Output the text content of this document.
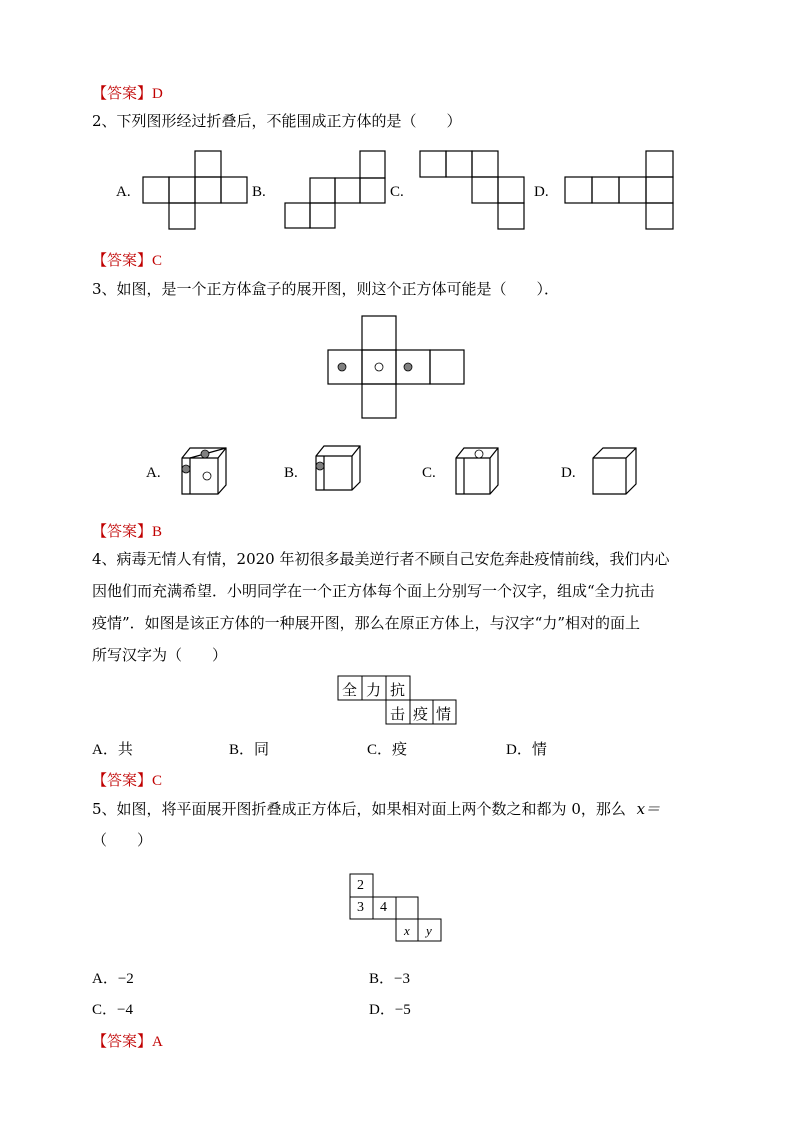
【答案】D
2、下列图形经过折叠后，不能围成正方体的是（　　）
A.	B.	C.	D.
【答案】C
3、如图，是一个正方体盒子的展开图，则这个正方体可能是（　　）．
A.	B.	C.	D.
【答案】B
4、病毒无情人有情，2020 年初很多最美逆行者不顾自己安危奔赴疫情前线，我们内心
因他们而充满希望．小明同学在一个正方体每个面上分别写一个汉字，组成“全力抗击
疫情”．如图是该正方体的一种展开图，那么在原正方体上，与汉字“力”相对的面上
所写汉字为（　　）
全 力 抗
击 疫 情
A．共	B．同	C．疫	D．情
【答案】C
5、如图，将平面展开图折叠成正方体后，如果相对面上两个数之和都为 0，那么 x＝
（　　）
2
3 4
x y
A．−2	B．−3
C．−4	D．−5
【答案】A
